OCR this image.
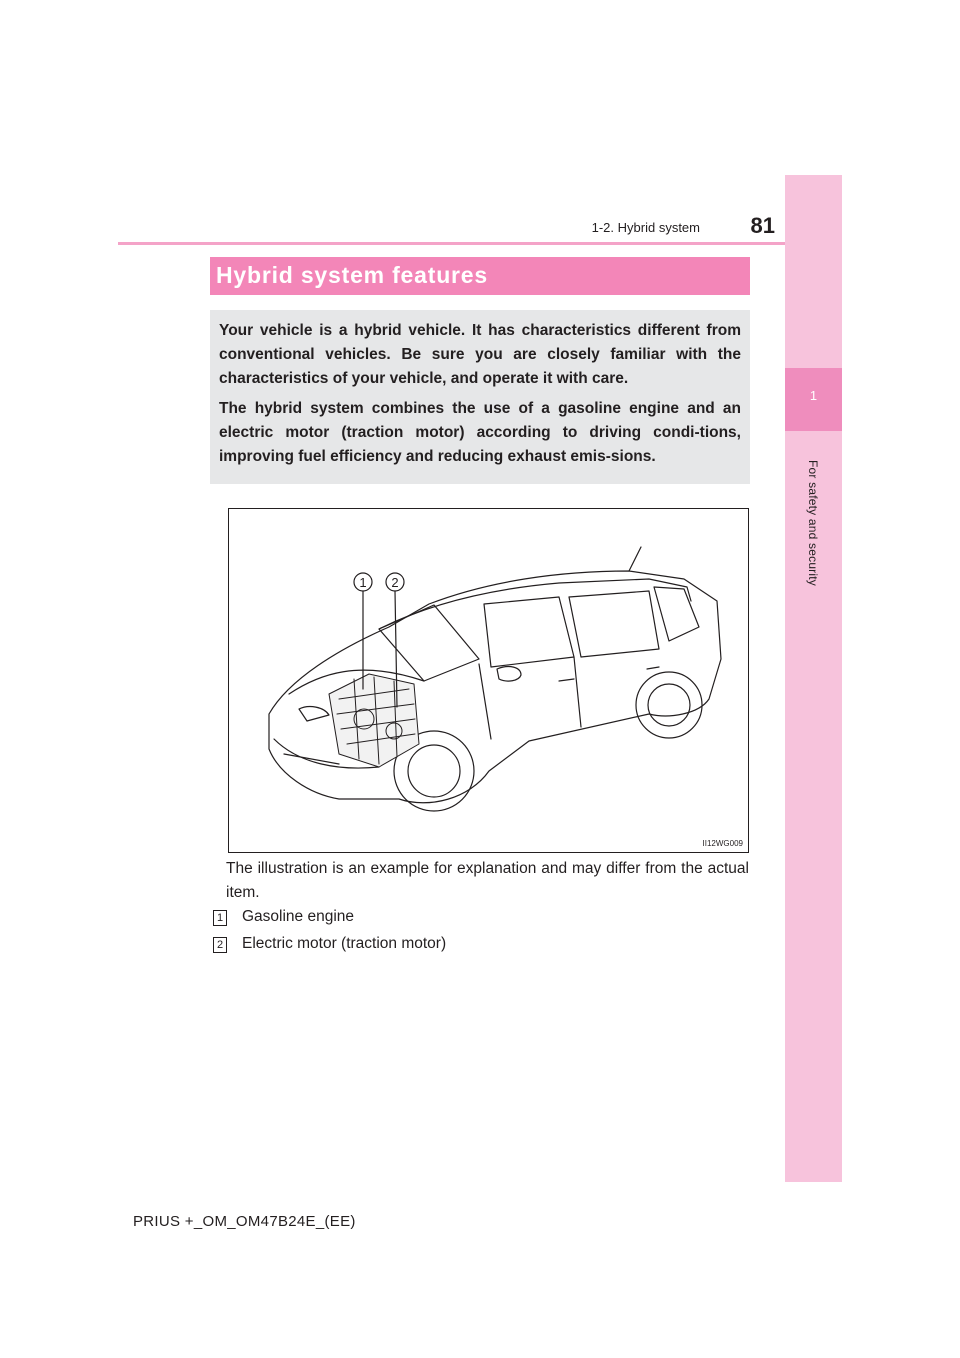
1
For safety and security
1-2. Hybrid system	81
Hybrid system features

Your vehicle is a hybrid vehicle. It has characteristics different from conventional vehicles. Be sure you are closely familiar with the characteristics of your vehicle, and operate it with care.

The hybrid system combines the use of a gasoline engine and an electric motor (traction motor) according to driving condi-tions, improving fuel efficiency and reducing exhaust emis-sions.

1 2
II12WG009
The illustration is an example for explanation and may differ from the actual item.
1 Gasoline engine
2 Electric motor (traction motor)
PRIUS +_OM_OM47B24E_(EE)
